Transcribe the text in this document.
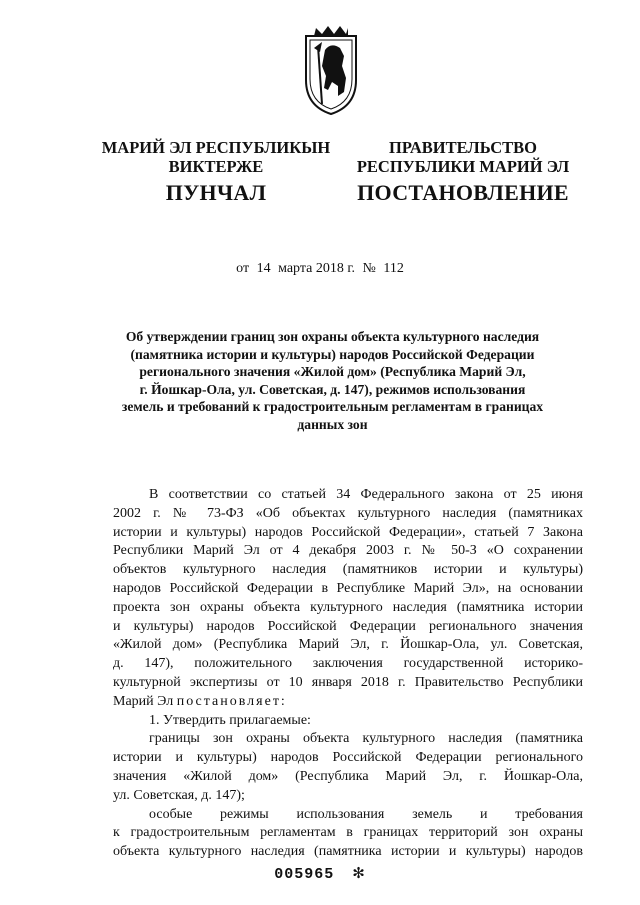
МАРИЙ ЭЛ РЕСПУБЛИКЫН
ВИКТЕРЖЕ
ПРАВИТЕЛЬСТВО
РЕСПУБЛИКИ МАРИЙ ЭЛ
ПУНЧАЛ	ПОСТАНОВЛЕНИЕ
от 14 марта 2018 г. № 112
Об утверждении границ зон охраны объекта культурного наследия
(памятника истории и культуры) народов Российской Федерации
регионального значения «Жилой дом» (Республика Марий Эл,
г. Йошкар-Ола, ул. Советская, д. 147), режимов использования
земель и требований к градостроительным регламентам в границах
данных зон
В соответствии со статьей 34 Федерального закона от 25 июня
2002 г. № 73-ФЗ «Об объектах культурного наследия (памятниках
истории и культуры) народов Российской Федерации», статьей 7 Закона
Республики Марий Эл от 4 декабря 2003 г. № 50-З «О сохранении
объектов культурного наследия (памятников истории и культуры)
народов Российской Федерации в Республике Марий Эл», на основании
проекта зон охраны объекта культурного наследия (памятника истории
и культуры) народов Российской Федерации регионального значения
«Жилой дом» (Республика Марий Эл, г. Йошкар-Ола, ул. Советская,
д. 147), положительного заключения государственной историко-
культурной экспертизы от 10 января 2018 г. Правительство Республики
Марий Эл постановляет:
1. Утвердить прилагаемые:
границы зон охраны объекта культурного наследия (памятника
истории и культуры) народов Российской Федерации регионального
значения «Жилой дом» (Республика Марий Эл, г. Йошкар-Ола,
ул. Советская, д. 147);
особые режимы использования земель и требования
к градостроительным регламентам в границах территорий зон охраны
объекта культурного наследия (памятника истории и культуры) народов
005965 ✻
